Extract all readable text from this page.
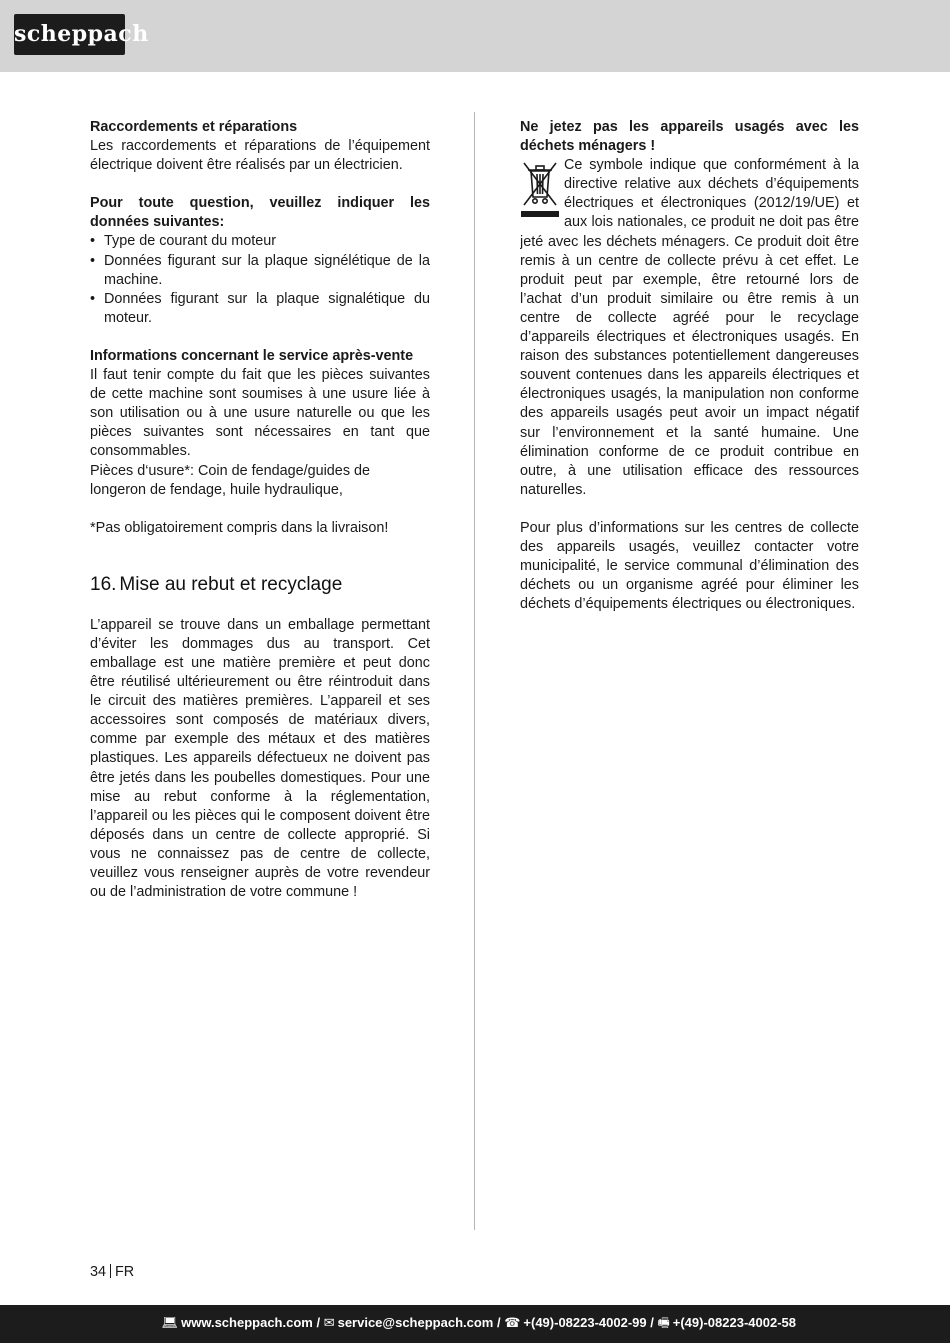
scheppach

Raccordements et réparations

Les raccordements et réparations de l’équipement électrique doivent être réalisés par un électricien.

Pour toute question, veuillez indiquer les données suivantes:

• Type de courant du moteur
• Données figurant sur la plaque signélétique de la machine.
• Données figurant sur la plaque signalétique du moteur.

Informations concernant le service après-vente

Il faut tenir compte du fait que les pièces suivantes de cette machine sont soumises à une usure liée à son utilisation ou à une usure naturelle ou que les pièces suivantes sont nécessaires en tant que consommables.

Pièces d‘usure*: Coin de fendage/guides de longeron de fendage, huile hydraulique,

*Pas obligatoirement compris dans la livraison!

16. Mise au rebut et recyclage

L’appareil se trouve dans un emballage permettant d’éviter les dommages dus au transport. Cet emballage est une matière première et peut donc être réutilisé ultérieurement ou être réintroduit dans le circuit des matières premières. L’appareil et ses accessoires sont composés de matériaux divers, comme par exemple des métaux et des matières plastiques. Les appareils défectueux ne doivent pas être jetés dans les poubelles domestiques. Pour une mise au rebut conforme à la réglementation, l’appareil ou les pièces qui le composent doivent être déposés dans un centre de collecte approprié. Si vous ne connaissez pas de centre de collecte, veuillez vous renseigner auprès de votre revendeur ou de l’administration de votre commune !

Ne jetez pas les appareils usagés avec les déchets ménagers !

Ce symbole indique que conformément à la directive relative aux déchets d’équipements électriques et électroniques (2012/19/UE) et aux lois nationales, ce produit ne doit pas être jeté avec les déchets ménagers. Ce produit doit être remis à un centre de collecte prévu à cet effet. Le produit peut par exemple, être retourné lors de l’achat d’un produit similaire ou être remis à un centre de collecte agréé pour le recyclage d’appareils électriques et électroniques usagés. En raison des substances potentiellement dangereuses souvent contenues dans les appareils électriques et électroniques usagés, la manipulation non conforme des appareils usagés peut avoir un impact négatif sur l’environnement et la santé humaine. Une élimination conforme de ce produit contribue en outre, à une utilisation efficace des ressources naturelles.

Pour plus d’informations sur les centres de collecte des appareils usagés, veuillez contacter votre municipalité, le service communal d’élimination des déchets ou un organisme agréé pour éliminer les déchets d’équipements électriques ou électroniques.

34 FR
💻︎ www.scheppach.com / ✉︎ service@scheppach.com / ☎︎ +(49)-08223-4002-99 / 🖷︎ +(49)-08223-4002-58
